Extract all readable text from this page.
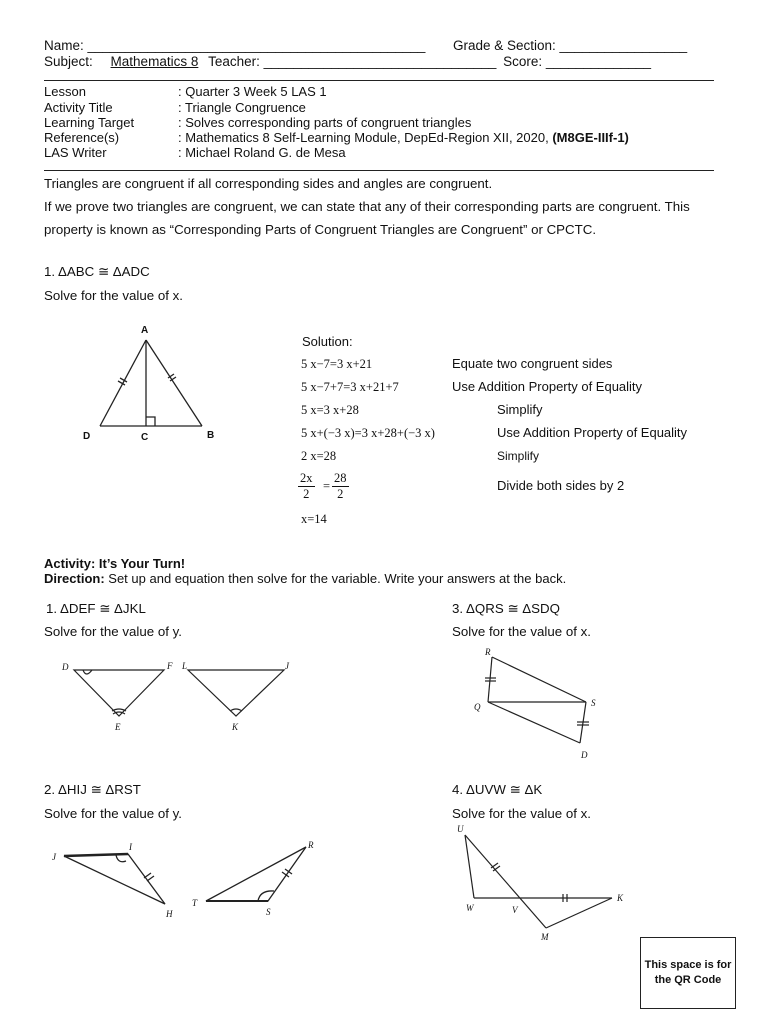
Name: _____________________________________________ Grade & Section: _________________
Subject: Mathematics 8 Teacher: _______________________________ Score: ______________
Lesson	: Quarter 3 Week 5 LAS 1
Activity Title	: Triangle Congruence
Learning Target	: Solves corresponding parts of congruent triangles
Reference(s)	: Mathematics 8 Self-Learning Module, DepEd-Region XII, 2020, (M8GE-IIIf-1)
LAS Writer	: Michael Roland G. de Mesa
Triangles are congruent if all corresponding sides and angles are congruent.
If we prove two triangles are congruent, we can state that any of their corresponding parts are congruent. This property is known as “Corresponding Parts of Congruent Triangles are Congruent” or CPCTC.
1. ΔABC ≅ ΔADC
Solve for the value of x.
A
D	C	B
Solution:
5 x−7=3 x+21	Equate two congruent sides
5 x−7+7=3 x+21+7	Use Addition Property of Equality
5 x=3 x+28	Simplify
5 x+(−3 x)=3 x+28+(−3 x)	Use Addition Property of Equality
2 x=28	Simplify
$\frac{2x}{2} = \frac{28}{2}$	Divide both sides by 2
x=14
Activity: It’s Your Turn!
Direction: Set up and equation then solve for the variable. Write your answers at the back.
1. ΔDEF ≅ ΔJKL
Solve for the value of y.
D	F
E
L	J
K
3. ΔQRS ≅ ΔSDQ
Solve for the value of x.
R
S
Q
D
2. ΔHIJ ≅ ΔRST
Solve for the value of y.
J
I
H
R
T
S
4. ΔUVW ≅ ΔK
Solve for the value of x.
U
W	V
K
M
This space is for the QR Code
